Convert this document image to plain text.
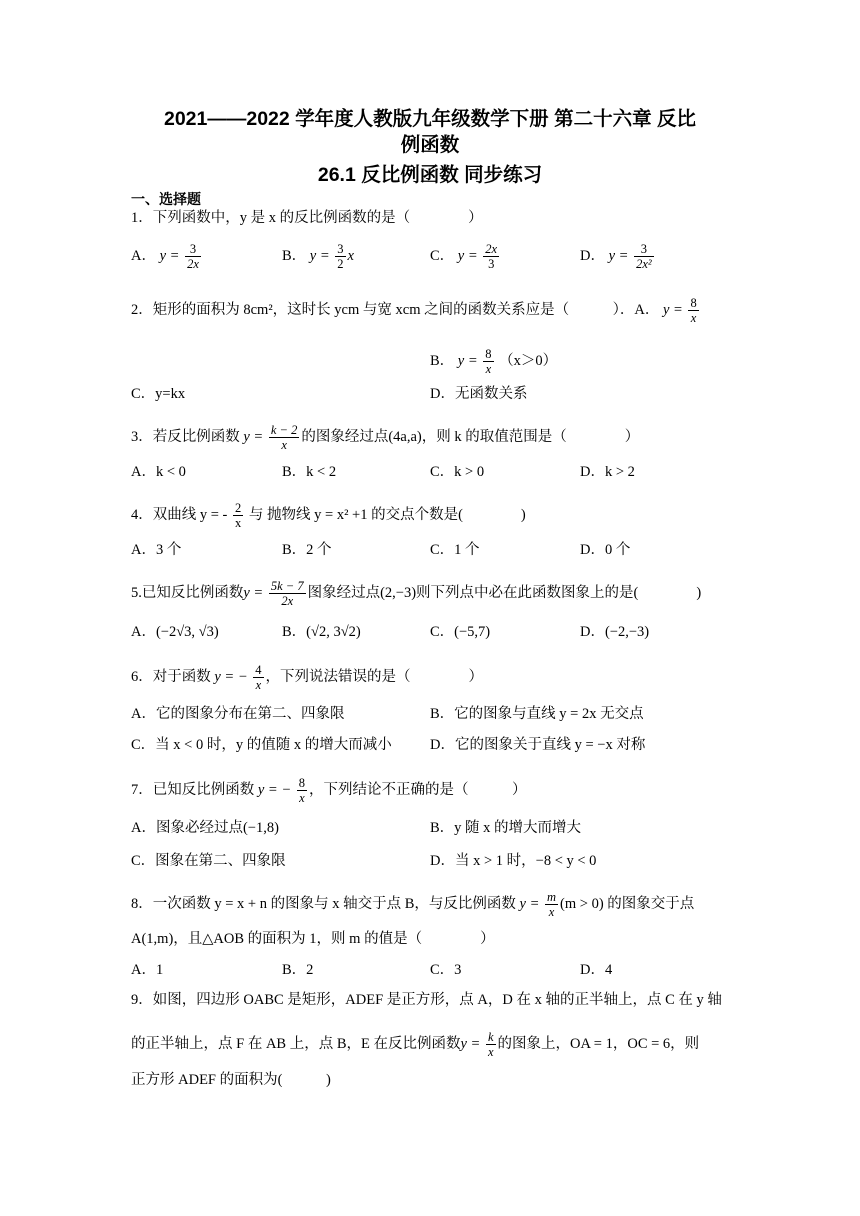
2021——2022 学年度人教版九年级数学下册 第二十六章 反比
例函数
26.1 反比例函数 同步练习
一、选择题
1．下列函数中，y 是 x 的反比例函数的是（　　　　）
A． $y = \frac{3}{2x}$	B． $y = \frac{3}{2}$ x	C． $y = \frac{2x}{3}$	D． $y = \frac{3}{\text{2x²}}$
2．矩形的面积为 8cm²，这时长 ycm 与宽 xcm 之间的函数关系应是（　　　）．A． $y = \frac{8}{x}$
B． $y = \frac{8}{x} (x>0)$
C．y=kx	D．无函数关系
3．若反比例函数 $y = \frac{k - 2}{x}$ 的图象经过点(4a,a)，则 k 的取值范围是（　　　　）
A．k < 0	B．k < 2	C．k > 0	D．k > 2
4．双曲线 y = - $\frac{2}{x}$ 与 抛物线 y = x² +1 的交点个数是(　　　　)
A．3 个	B．2 个	C．1 个	D．0 个
5.已知反比例函数$y = \frac{5k - 7}{2x}$ 图象经过点(2,−3)则下列点中必在此函数图象上的是(　　　　)
A．(−2√3, √3)	B．(√2, 3√2)	C．(−5,7)	D．(−2,−3)
6．对于函数 y = − $\frac{4}{x}$ ，下列说法错误的是（　　　　）
A．它的图象分布在第二、四象限	B．它的图象与直线 y = 2x 无交点
C．当 x < 0 时，y 的值随 x 的增大而减小	D．它的图象关于直线 y = −x 对称
7．已知反比例函数 y = − $\frac{8}{x}$ ，下列结论不正确的是（　　　）
A．图象必经过点(−1,8)	B．y 随 x 的增大而增大
C．图象在第二、四象限	D．当 x > 1 时，−8 < y < 0
8．一次函数 y = x + n 的图象与 x 轴交于点 B，与反比例函数 $y = \frac{m}{x} (m > 0)$ 的图象交于点
A(1,m)，且△AOB 的面积为 1，则 m 的值是（　　　　）
A．1	B．2	C．3	D．4
9．如图，四边形 OABC 是矩形，ADEF 是正方形，点 A，D 在 x 轴的正半轴上，点 C 在 y 轴
的正半轴上，点 F 在 AB 上，点 B，E 在反比例函数$y = \frac{k}{x}$ 的图象上，OA = 1，OC = 6，则
正方形 ADEF 的面积为(　　　)
